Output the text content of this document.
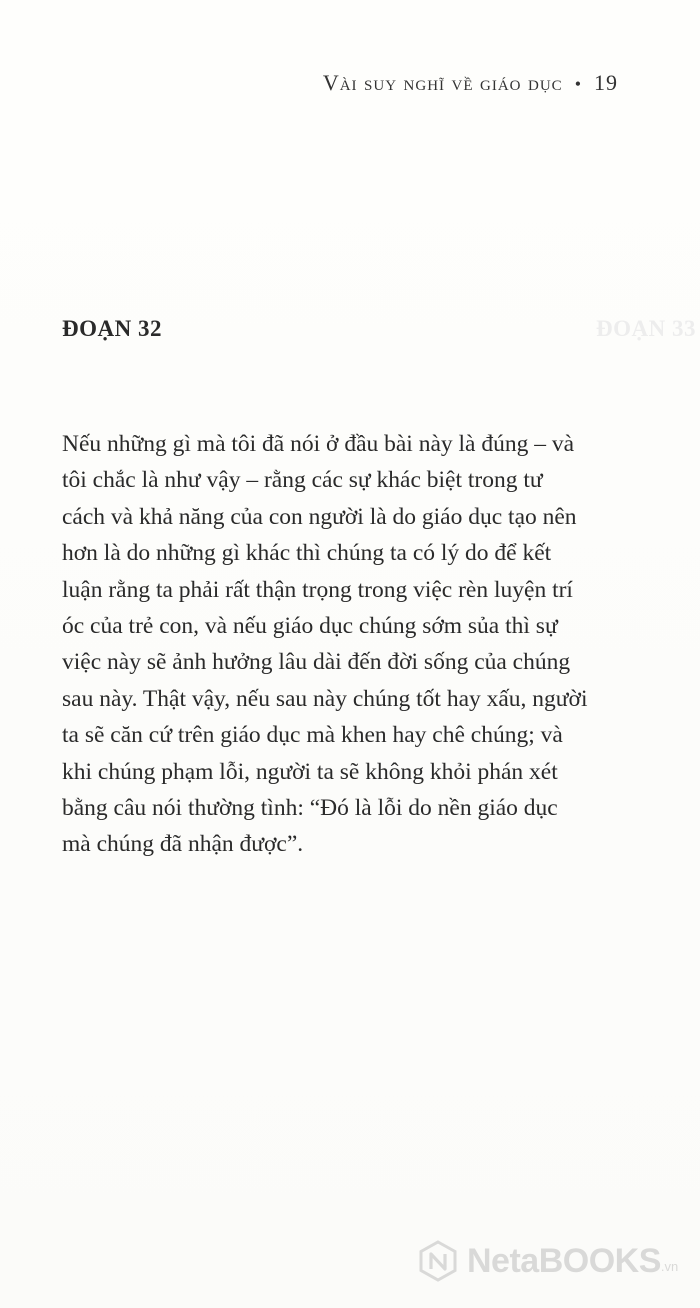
Vài suy nghĩ về giáo dục • 19
ĐOẠN 32	ĐOẠN 33
Nếu những gì mà tôi đã nói ở đầu bài này là đúng – và
tôi chắc là như vậy – rằng các sự khác biệt trong tư
cách và khả năng của con người là do giáo dục tạo nên
hơn là do những gì khác thì chúng ta có lý do để kết
luận rằng ta phải rất thận trọng trong việc rèn luyện trí
óc của trẻ con, và nếu giáo dục chúng sớm sủa thì sự
việc này sẽ ảnh hưởng lâu dài đến đời sống của chúng
sau này. Thật vậy, nếu sau này chúng tốt hay xấu, người
ta sẽ căn cứ trên giáo dục mà khen hay chê chúng; và
khi chúng phạm lỗi, người ta sẽ không khỏi phán xét
bằng câu nói thường tình: “Đó là lỗi do nền giáo dục
mà chúng đã nhận được”.
NetaBOOKS .vn
